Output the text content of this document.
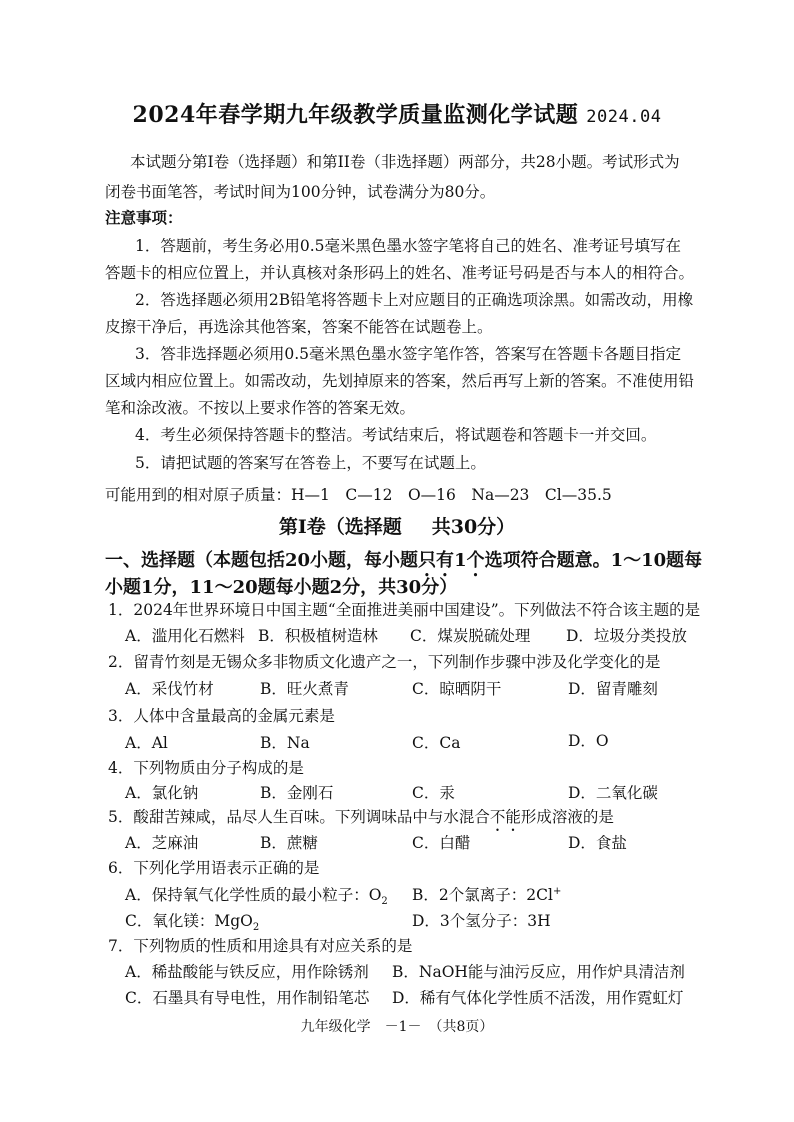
2024年春学期九年级教学质量监测化学试题 2024.04
本试题分第Ⅰ卷（选择题）和第II卷（非选择题）两部分，共28小题。考试形式为
闭卷书面笔答，考试时间为100分钟，试卷满分为80分。
注意事项：
1．答题前，考生务必用0.5毫米黑色墨水签字笔将自己的姓名、准考证号填写在
答题卡的相应位置上，并认真核对条形码上的姓名、准考证号码是否与本人的相符合。
2．答选择题必须用2B铅笔将答题卡上对应题目的正确选项涂黑。如需改动，用橡
皮擦干净后，再选涂其他答案，答案不能答在试题卷上。
3．答非选择题必须用0.5毫米黑色墨水签字笔作答，答案写在答题卡各题目指定
区域内相应位置上。如需改动，先划掉原来的答案，然后再写上新的答案。不准使用铅
笔和涂改液。不按以上要求作答的答案无效。
4．考生必须保持答题卡的整洁。考试结束后，将试题卷和答题卡一并交回。
5．请把试题的答案写在答卷上，不要写在试题上。
可能用到的相对原子质量：H—1　C—12　O—16　Na—23　Cl—35.5
第Ⅰ卷（选择题 共30分）
一、选择题（本题包括20小题，每小题只有1个选项符合题意。1～10题每
小题1分，11～20题每小题2分，共30分）
1．2024年世界环境日中国主题“全面推进美丽中国建设”。下列做法不符合该主题的是
A．滥用化石燃料 B．积极植树造林 C．煤炭脱硫处理 D．垃圾分类投放
2．留青竹刻是无锡众多非物质文化遗产之一，下列制作步骤中涉及化学变化的是
A．采伐竹材	B．旺火煮青	C．晾晒阴干	D．留青雕刻
3．人体中含量最高的金属元素是
A．Al	B．Na	C．Ca	D．O
4．下列物质由分子构成的是
A．氯化钠	B．金刚石	C．汞	D．二氧化碳
5．酸甜苦辣咸，品尽人生百味。下列调味品中与水混合不能形成溶液的是
A．芝麻油	B．蔗糖	C．白醋	D．食盐
6．下列化学用语表示正确的是
A．保持氧气化学性质的最小粒子：$O_2$ B．2个氯离子：2Cl+
C．氧化镁：MgO$_2$	D．3个氢分子：3H
7．下列物质的性质和用途具有对应关系的是
A．稀盐酸能与铁反应，用作除锈剂 B．NaOH能与油污反应，用作炉具清洁剂
C．石墨具有导电性，用作制铅笔芯 D．稀有气体化学性质不活泼，用作霓虹灯
九年级化学　－1－　（共8页）
